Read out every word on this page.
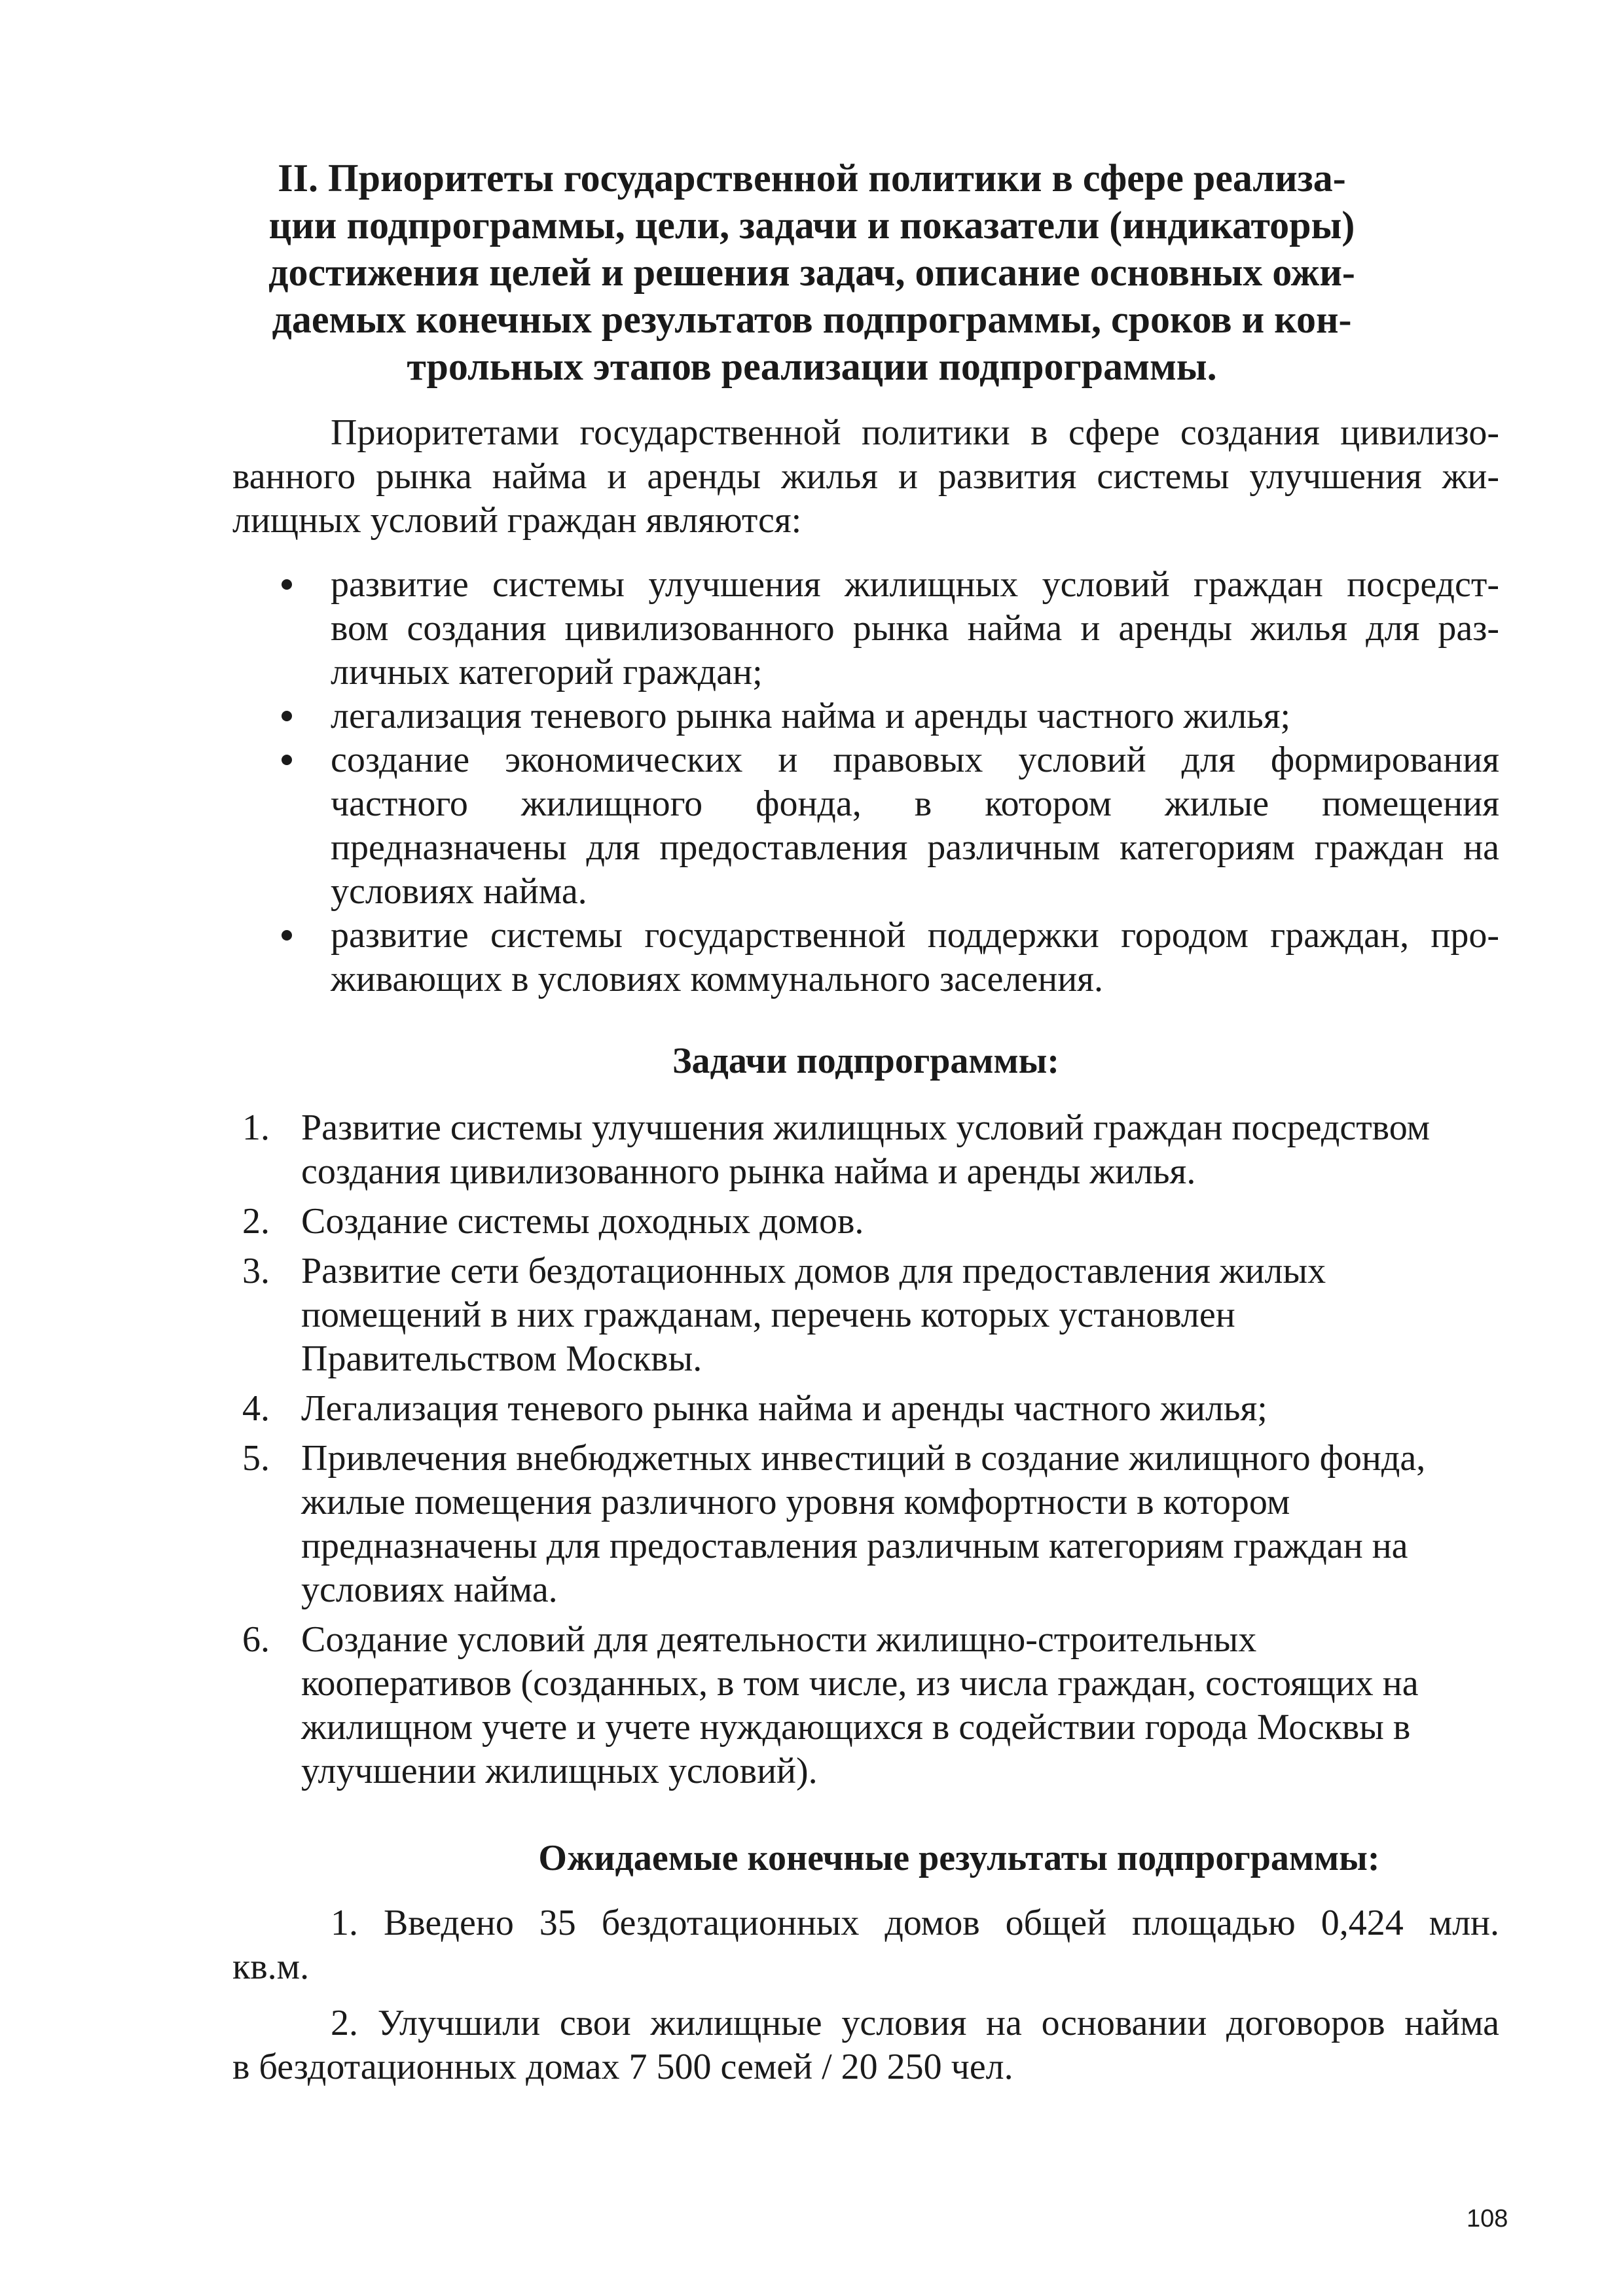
II. Приоритеты государственной политики в сфере реализа-
ции подпрограммы, цели, задачи и показатели (индикаторы)
достижения целей и решения задач, описание основных ожи-
даемых конечных результатов подпрограммы, сроков и кон-
трольных этапов реализации подпрограммы.

Приоритетами государственной политики в сфере создания цивилизо-
ванного рынка найма и аренды жилья и развития системы улучшения жи-
лищных условий граждан являются:

развитие системы улучшения жилищных условий граждан посредст-
вом создания цивилизованного рынка найма и аренды жилья для раз-
личных категорий граждан;
легализация теневого рынка найма и аренды частного жилья;
создание экономических и правовых условий для формирования
частного жилищного фонда, в котором жилые помещения
предназначены для предоставления различным категориям граждан на
условиях найма.
развитие системы государственной поддержки городом граждан, про-
живающих в условиях коммунального заселения.
Задачи подпрограммы:
1. Развитие системы улучшения жилищных условий граждан посредством
создания цивилизованного рынка найма и аренды жилья.
2. Создание системы доходных домов.
3. Развитие сети бездотационных домов для предоставления жилых
помещений в них гражданам, перечень которых установлен
Правительством Москвы.
4. Легализация теневого рынка найма и аренды частного жилья;
5. Привлечения внебюджетных инвестиций в создание жилищного фонда,
жилые помещения различного уровня комфортности в котором
предназначены для предоставления различным категориям граждан на
условиях найма.
6. Создание условий для деятельности жилищно-строительных
кооперативов (созданных, в том числе, из числа граждан, состоящих на
жилищном учете и учете нуждающихся в содействии города Москвы в
улучшении жилищных условий).
Ожидаемые конечные результаты подпрограммы:

1. Введено 35 бездотационных домов общей площадью 0,424 млн.
кв.м.

2. Улучшили свои жилищные условия на основании договоров найма
в бездотационных домах 7 500 семей / 20 250 чел.

108
